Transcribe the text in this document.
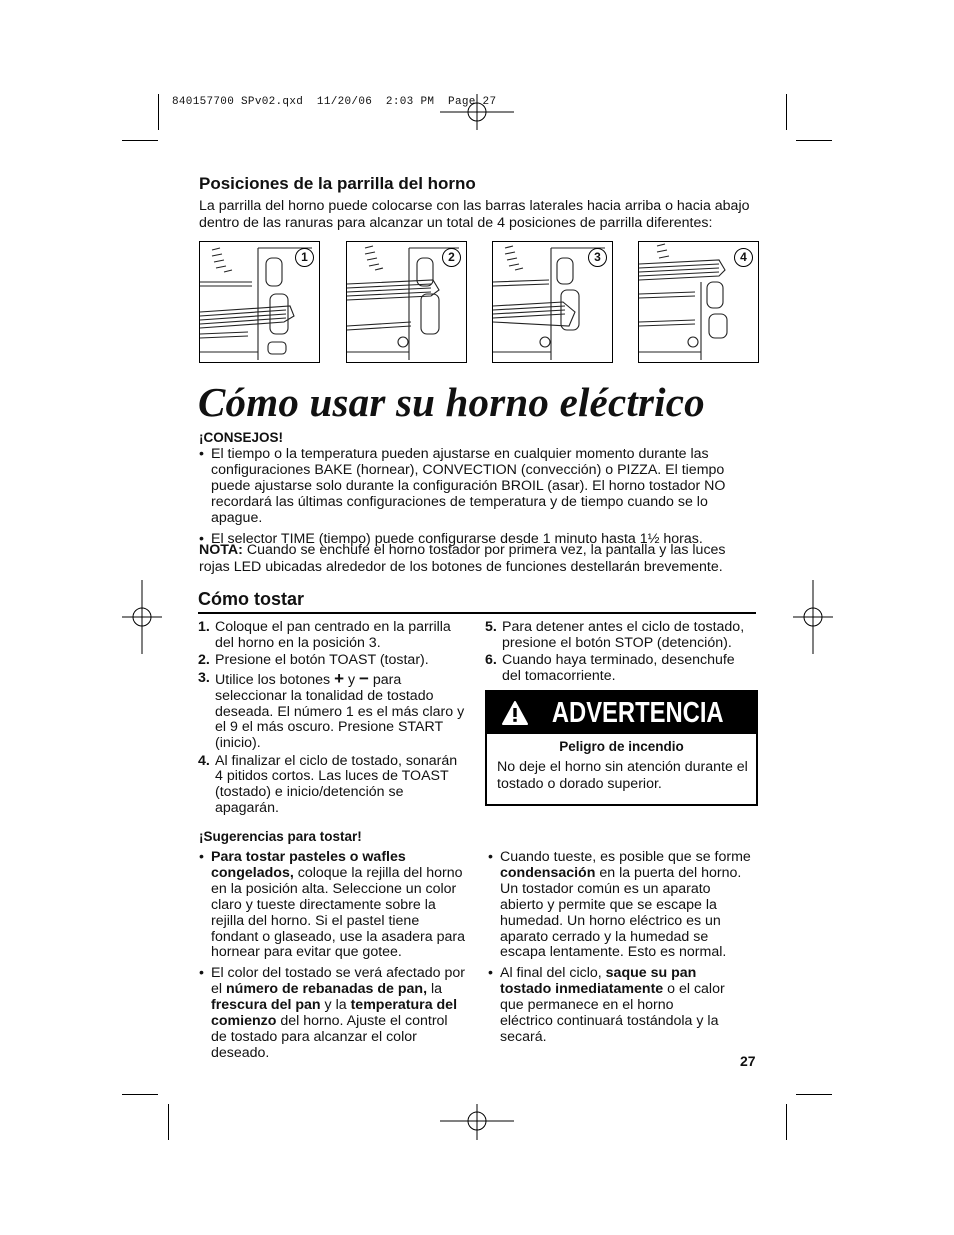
840157700 SPv02.qxd  11/20/06  2:03 PM  Page 27
Posiciones de la parrilla del horno
La parrilla del horno puede colocarse con las barras laterales hacia arriba o hacia abajo dentro de las ranuras para alcanzar un total de 4 posiciones de parrilla diferentes:
1	2	3	4
Cómo usar su horno eléctrico
¡CONSEJOS!
• El tiempo o la temperatura pueden ajustarse en cualquier momento durante las configuraciones BAKE (hornear), CONVECTION (convección) o PIZZA. El tiempo puede ajustarse solo durante la configuración BROIL (asar). El horno tostador NO recordará las últimas configuraciones de temperatura y de tiempo cuando se lo apague.
• El selector TIME (tiempo) puede configurarse desde 1 minuto hasta 1½ horas.
NOTA: Cuando se enchufe el horno tostador por primera vez, la pantalla y las luces rojas LED ubicadas alrededor de los botones de funciones destellarán brevemente.
Cómo tostar
1. Coloque el pan centrado en la parrilla del horno en la posición 3.
2. Presione el botón TOAST (tostar).
3. Utilice los botones + y − para seleccionar la tonalidad de tostado deseada. El número 1 es el más claro y el 9 el más oscuro. Presione START (inicio).
4. Al finalizar el ciclo de tostado, sonarán 4 pitidos cortos. Las luces de TOAST (tostado) e inicio/detención se apagarán.
5. Para detener antes el ciclo de tostado, presione el botón STOP (detención).
6. Cuando haya terminado, desenchufe del tomacorriente.
ADVERTENCIA
Peligro de incendio
No deje el horno sin atención durante el tostado o dorado superior.
¡Sugerencias para tostar!
• Para tostar pasteles o wafles congelados, coloque la rejilla del horno en la posición alta. Seleccione un color claro y tueste directamente sobre la rejilla del horno. Si el pastel tiene fondant o glaseado, use la asadera para hornear para evitar que gotee.
• El color del tostado se verá afectado por el número de rebanadas de pan, la frescura del pan y la temperatura del comienzo del horno. Ajuste el control de tostado para alcanzar el color deseado.
• Cuando tueste, es posible que se forme condensación en la puerta del horno. Un tostador común es un aparato abierto y permite que se escape la humedad. Un horno eléctrico es un aparato cerrado y la humedad se escapa lentamente. Esto es normal.
• Al final del ciclo, saque su pan tostado inmediatamente o el calor que permanece en el horno eléctrico continuará tostándola y la secará.
27
